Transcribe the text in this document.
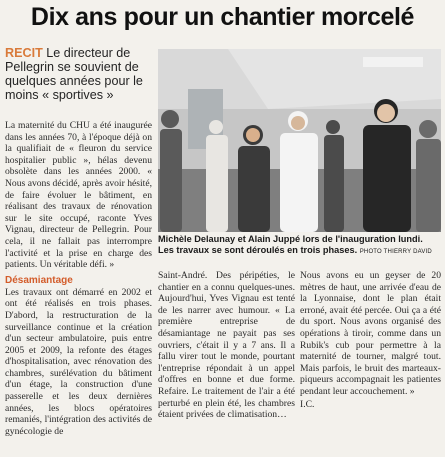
Dix ans pour un chantier morcelé
RECIT Le directeur de Pellegrin se souvient de quelques années pour le moins « sportives »
Michèle Delaunay et Alain Juppé lors de l'inauguration lundi. Les travaux se sont déroulés en trois phases. PHOTO THIERRY DAVID

La maternité du CHU a été inaugurée dans les années 70, à l'époque déjà on la qualifiait de « fleuron du service hospitalier public », hélas devenu obsolète dans les années 2000. « Nous avons décidé, après avoir hésité, de faire évoluer le bâtiment, en réalisant des travaux de rénovation sur le site occupé, raconte Yves Vignau, directeur de Pellegrin. Pour cela, il ne fallait pas interrompre l'activité et la prise en charge des patients. Un véritable défi. »

Désamiantage

Les travaux ont démarré en 2002 et ont été réalisés en trois phases. D'abord, la restructuration de la surveillance continue et la création d'un secteur ambulatoire, puis entre 2005 et 2009, la refonte des étages d'hospitalisation, avec rénovation des chambres, surélévation du bâtiment d'un étage, la construction d'une passerelle et les deux dernières années, les blocs opératoires remaniés, l'intégration des activités de gynécologie de

Saint-André. Des péripéties, le chantier en a connu quelques-unes. Aujourd'hui, Yves Vignau est tenté de les narrer avec humour. « La première entreprise de désamiantage ne payait pas ses ouvriers, c'était il y a 7 ans. Il a fallu virer tout le monde, pourtant l'entreprise répondait à un appel d'offres en bonne et due forme. Refaire. Le traitement de l'air a été perturbé en plein été, les chambres étaient privées de climatisation…

Nous avons eu un geyser de 20 mètres de haut, une arrivée d'eau de la Lyonnaise, dont le plan était erroné, avait été percée. Oui ça a été du sport. Nous avons organisé des opérations à tiroir, comme dans un Rubik's cub pour permettre à la maternité de tourner, malgré tout. Mais parfois, le bruit des marteaux-piqueurs accompagnait les patientes pendant leur accouchement. »

I.C.
